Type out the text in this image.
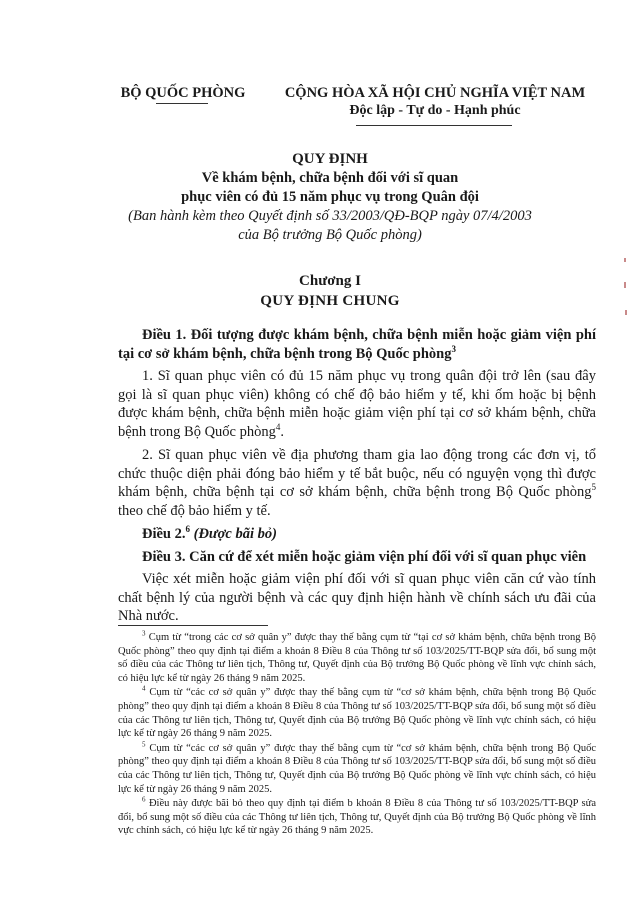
BỘ QUỐC PHÒNG	CỘNG HÒA XÃ HỘI CHỦ NGHĨA VIỆT NAM
Độc lập - Tự do - Hạnh phúc
QUY ĐỊNH
Về khám bệnh, chữa bệnh đối với sĩ quan
phục viên có đủ 15 năm phục vụ trong Quân đội
(Ban hành kèm theo Quyết định số 33/2003/QĐ-BQP ngày 07/4/2003
của Bộ trưởng Bộ Quốc phòng)
Chương I
QUY ĐỊNH CHUNG

Điều 1. Đối tượng được khám bệnh, chữa bệnh miễn hoặc giảm viện phí tại cơ sở khám bệnh, chữa bệnh trong Bộ Quốc phòng$^3$

1. Sĩ quan phục viên có đủ 15 năm phục vụ trong quân đội trở lên (sau đây gọi là sĩ quan phục viên) không có chế độ bảo hiểm y tế, khi ốm hoặc bị bệnh được khám bệnh, chữa bệnh miễn hoặc giảm viện phí tại cơ sở khám bệnh, chữa bệnh trong Bộ Quốc phòng$^4$.

2. Sĩ quan phục viên về địa phương tham gia lao động trong các đơn vị, tổ chức thuộc diện phải đóng bảo hiểm y tế bắt buộc, nếu có nguyện vọng thì được khám bệnh, chữa bệnh tại cơ sở khám bệnh, chữa bệnh trong Bộ Quốc phòng$^5$ theo chế độ bảo hiểm y tế.

Điều 2.$^6$ (Được bãi bỏ)

Điều 3. Căn cứ để xét miễn hoặc giảm viện phí đối với sĩ quan phục viên

Việc xét miễn hoặc giảm viện phí đối với sĩ quan phục viên căn cứ vào tính chất bệnh lý của người bệnh và các quy định hiện hành về chính sách ưu đãi của Nhà nước.

$^3$ Cụm từ “trong các cơ sở quân y” được thay thế bằng cụm từ “tại cơ sở khám bệnh, chữa bệnh trong Bộ Quốc phòng” theo quy định tại điểm a khoản 8 Điều 8 của Thông tư số 103/2025/TT-BQP sửa đổi, bổ sung một số điều của các Thông tư liên tịch, Thông tư, Quyết định của Bộ trưởng Bộ Quốc phòng về lĩnh vực chính sách, có hiệu lực kể từ ngày 26 tháng 9 năm 2025.

$^4$ Cụm từ “các cơ sở quân y” được thay thế bằng cụm từ “cơ sở khám bệnh, chữa bệnh trong Bộ Quốc phòng” theo quy định tại điểm a khoản 8 Điều 8 của Thông tư số 103/2025/TT-BQP sửa đổi, bổ sung một số điều của các Thông tư liên tịch, Thông tư, Quyết định của Bộ trưởng Bộ Quốc phòng về lĩnh vực chính sách, có hiệu lực kể từ ngày 26 tháng 9 năm 2025.

$^5$ Cụm từ “các cơ sở quân y” được thay thế bằng cụm từ “cơ sở khám bệnh, chữa bệnh trong Bộ Quốc phòng” theo quy định tại điểm a khoản 8 Điều 8 của Thông tư số 103/2025/TT-BQP sửa đổi, bổ sung một số điều của các Thông tư liên tịch, Thông tư, Quyết định của Bộ trưởng Bộ Quốc phòng về lĩnh vực chính sách, có hiệu lực kể từ ngày 26 tháng 9 năm 2025.

$^6$ Điều này được bãi bỏ theo quy định tại điểm b khoản 8 Điều 8 của Thông tư số 103/2025/TT-BQP sửa đổi, bổ sung một số điều của các Thông tư liên tịch, Thông tư, Quyết định của Bộ trưởng Bộ Quốc phòng về lĩnh vực chính sách, có hiệu lực kể từ ngày 26 tháng 9 năm 2025.
